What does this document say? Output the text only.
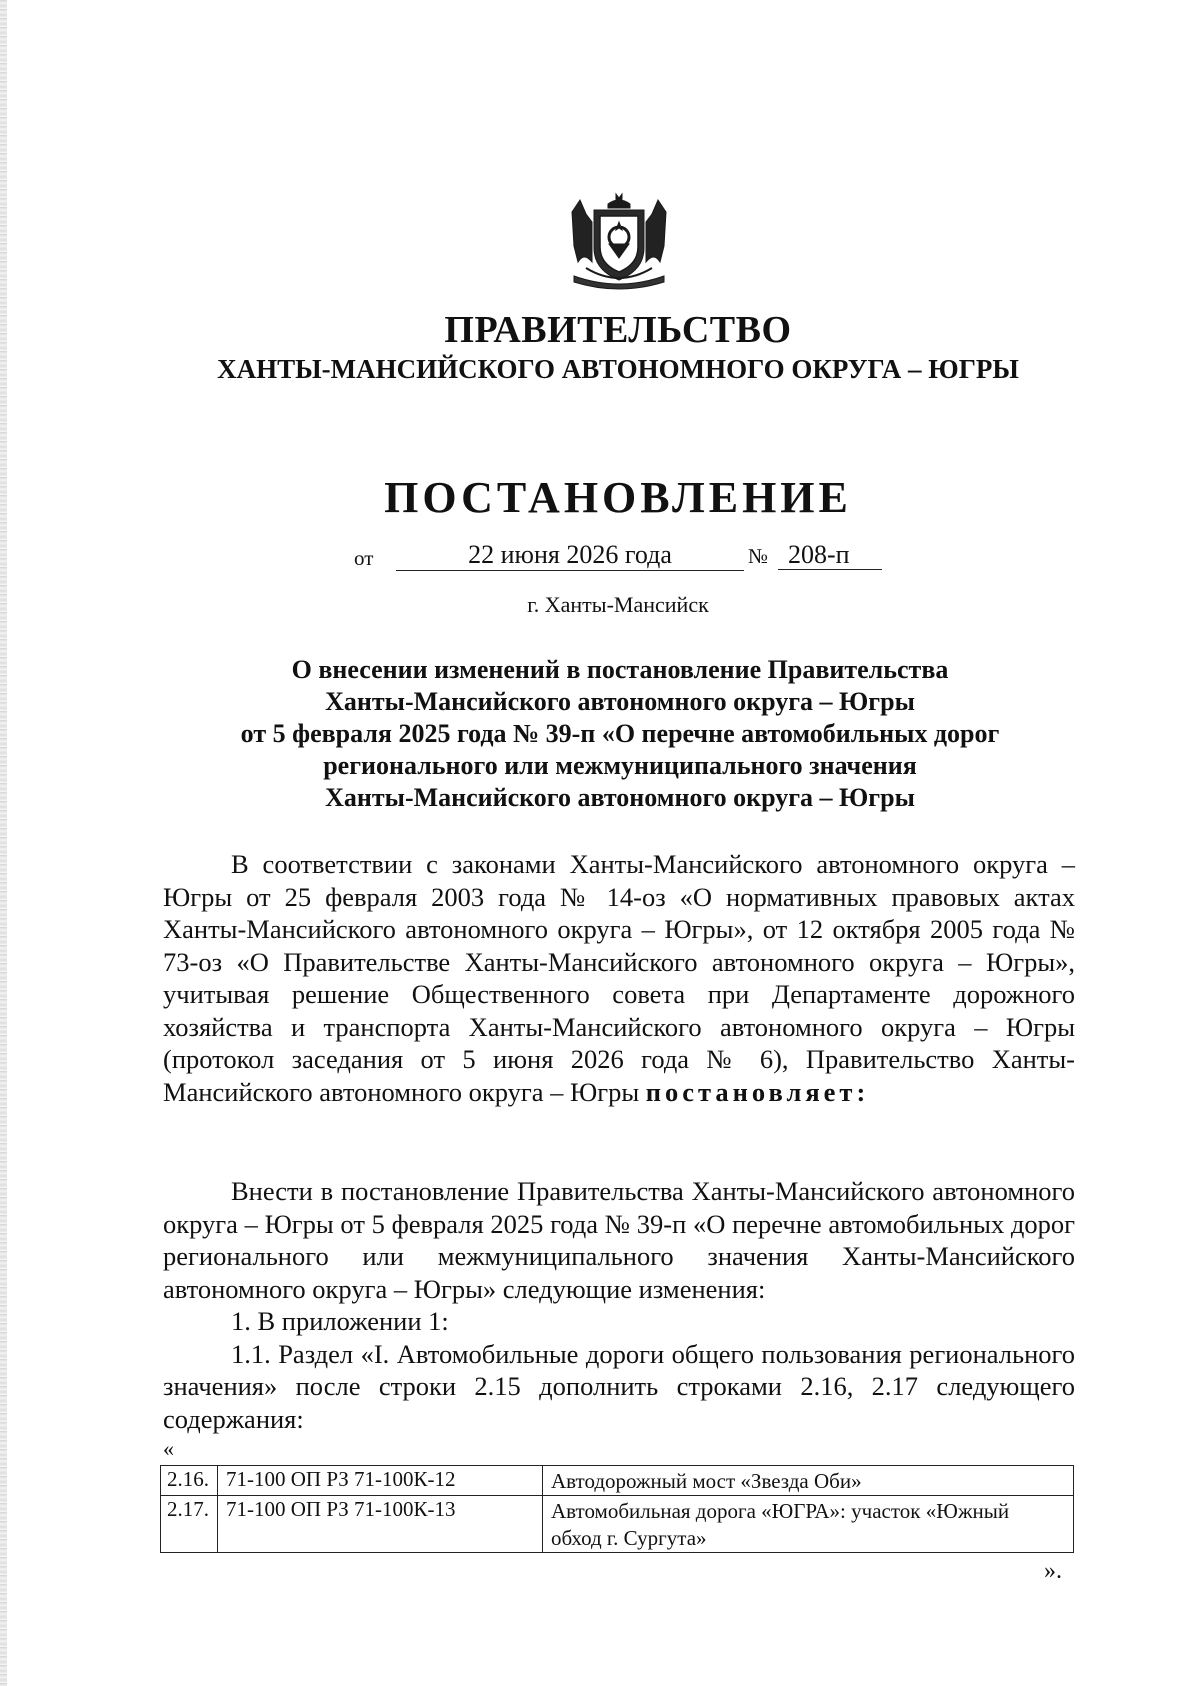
ПРАВИТЕЛЬСТВО
ХАНТЫ-МАНСИЙСКОГО АВТОНОМНОГО ОКРУГА – ЮГРЫ
ПОСТАНОВЛЕНИЕ
от	22 июня 2026 года	№ 208-п
г. Ханты-Мансийск
О внесении изменений в постановление Правительства
Ханты-Мансийского автономного округа – Югры
от 5 февраля 2025 года № 39-п «О перечне автомобильных дорог
регионального или межмуниципального значения
Ханты-Мансийского автономного округа – Югры

В соответствии с законами Ханты-Мансийского автономного округа – Югры от 25 февраля 2003 года № 14-оз «О нормативных правовых актах Ханты-Мансийского автономного округа – Югры», от 12 октября 2005 года № 73-оз «О Правительстве Ханты-Мансийского автономного округа – Югры», учитывая решение Общественного совета при Департаменте дорожного хозяйства и транспорта Ханты-Мансийского автономного округа – Югры (протокол заседания от 5 июня 2026 года № 6), Правительство Ханты-Мансийского автономного округа – Югры постановляет:

Внести в постановление Правительства Ханты-Мансийского автономного округа – Югры от 5 февраля 2025 года № 39-п «О перечне автомобильных дорог регионального или межмуниципального значения Ханты-Мансийского автономного округа – Югры» следующие изменения:

1. В приложении 1:

1.1. Раздел «I. Автомобильные дороги общего пользования регионального значения» после строки 2.15 дополнить строками 2.16, 2.17 следующего содержания:

«
2.16.	71-100 ОП РЗ 71-100К-12	Автодорожный мост «Звезда Оби»
2.17.	71-100 ОП РЗ 71-100К-13	Автомобильная дорога «ЮГРА»: участок «Южный обход г. Сургута»
».
